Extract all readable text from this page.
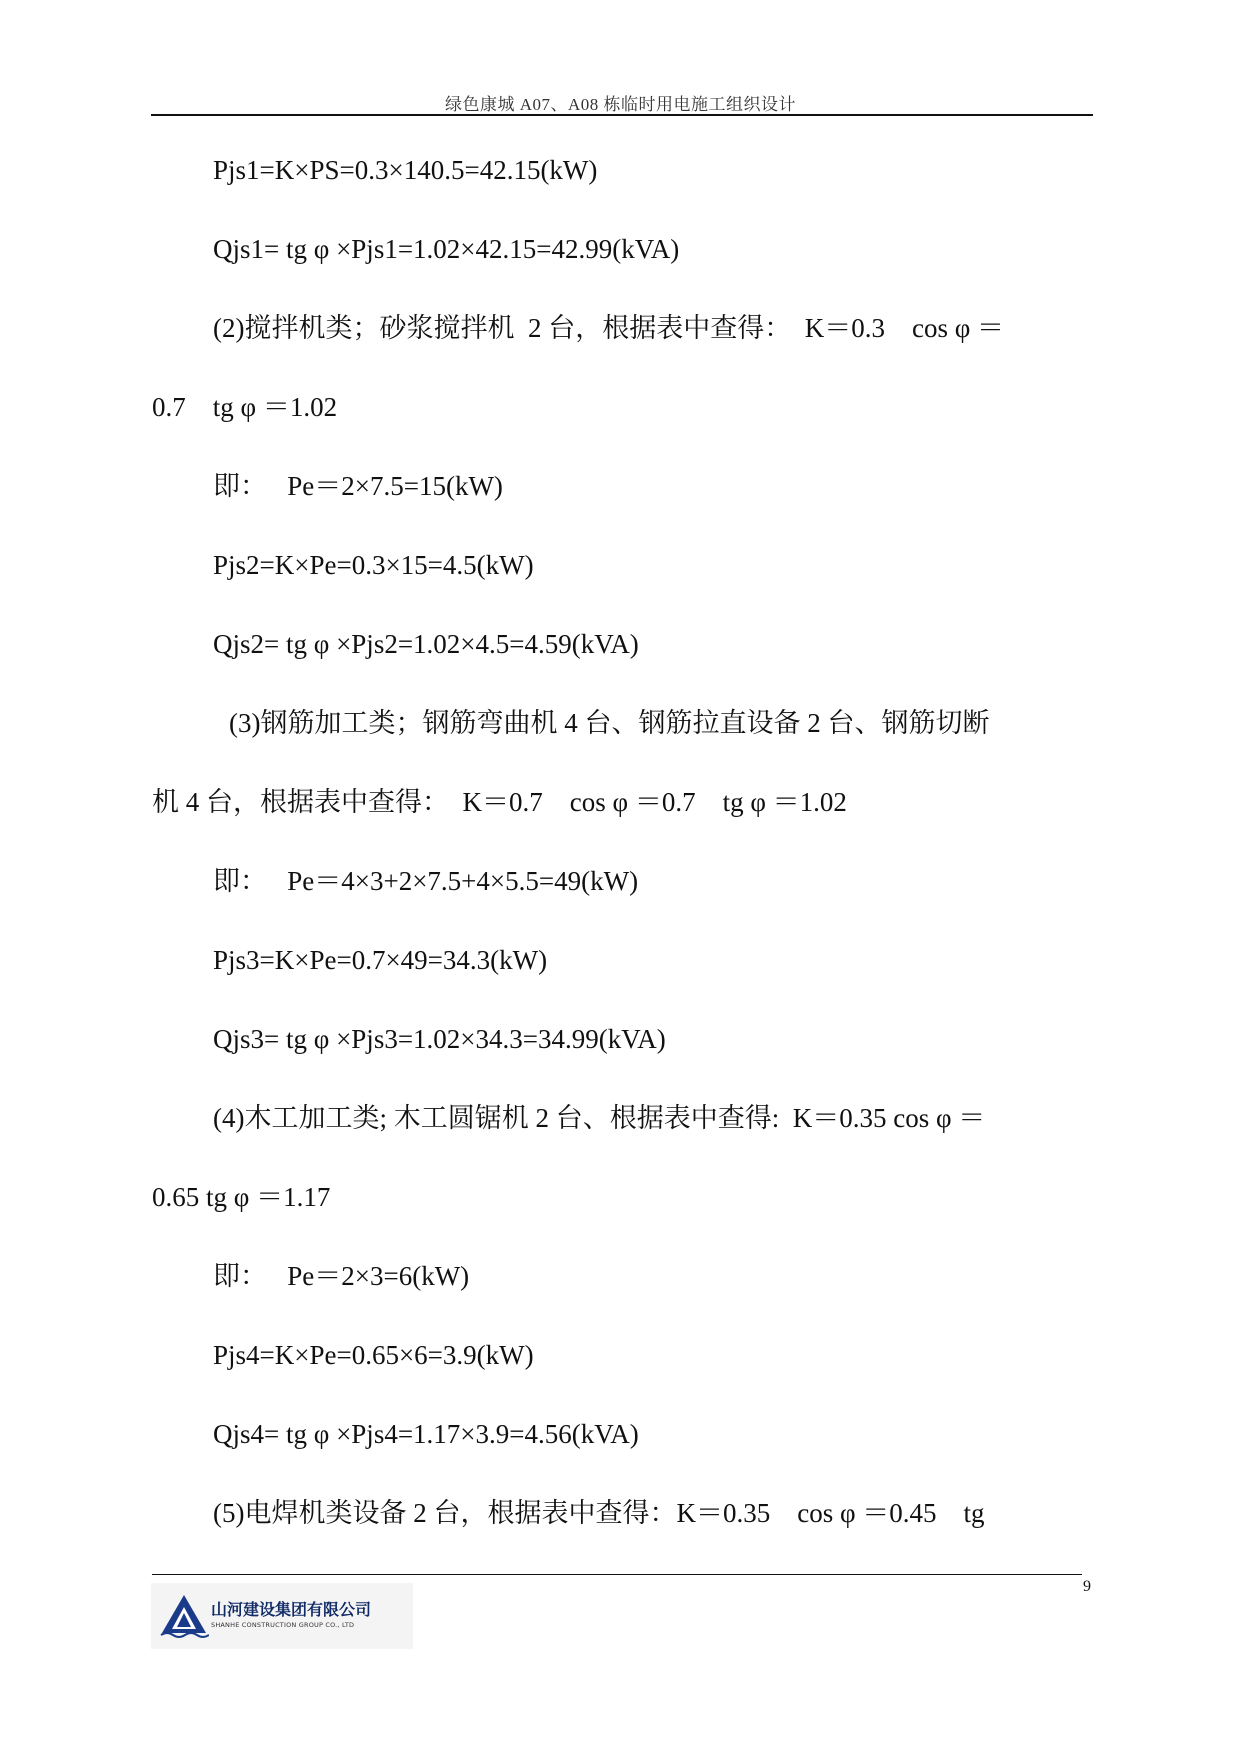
绿色康城 A07、A08 栋临时用电施工组织设计
Pjs1=K×PS=0.3×140.5=42.15(kW)
Qjs1= tg φ ×Pjs1=1.02×42.15=42.99(kVA)
(2)搅拌机类；砂浆搅拌机  2 台，根据表中查得：  K＝0.3    cos φ ＝
0.7    tg φ ＝1.02
即：   Pe＝2×7.5=15(kW)
Pjs2=K×Pe=0.3×15=4.5(kW)
Qjs2= tg φ ×Pjs2=1.02×4.5=4.59(kVA)
(3)钢筋加工类；钢筋弯曲机 4 台、钢筋拉直设备 2 台、钢筋切断
机 4 台，根据表中查得：  K＝0.7    cos φ ＝0.7    tg φ ＝1.02
即：   Pe＝4×3+2×7.5+4×5.5=49(kW)
Pjs3=K×Pe=0.7×49=34.3(kW)
Qjs3= tg φ ×Pjs3=1.02×34.3=34.99(kVA)
(4)木工加工类; 木工圆锯机 2 台、根据表中查得:  K＝0.35 cos φ ＝
0.65 tg φ ＝1.17
即：   Pe＝2×3=6(kW)
Pjs4=K×Pe=0.65×6=3.9(kW)
Qjs4= tg φ ×Pjs4=1.17×3.9=4.56(kVA)
(5)电焊机类设备 2 台，根据表中查得：K＝0.35    cos φ ＝0.45    tg
9
山河建设集团有限公司
SHANHE CONSTRUCTION GROUP CO., LTD
